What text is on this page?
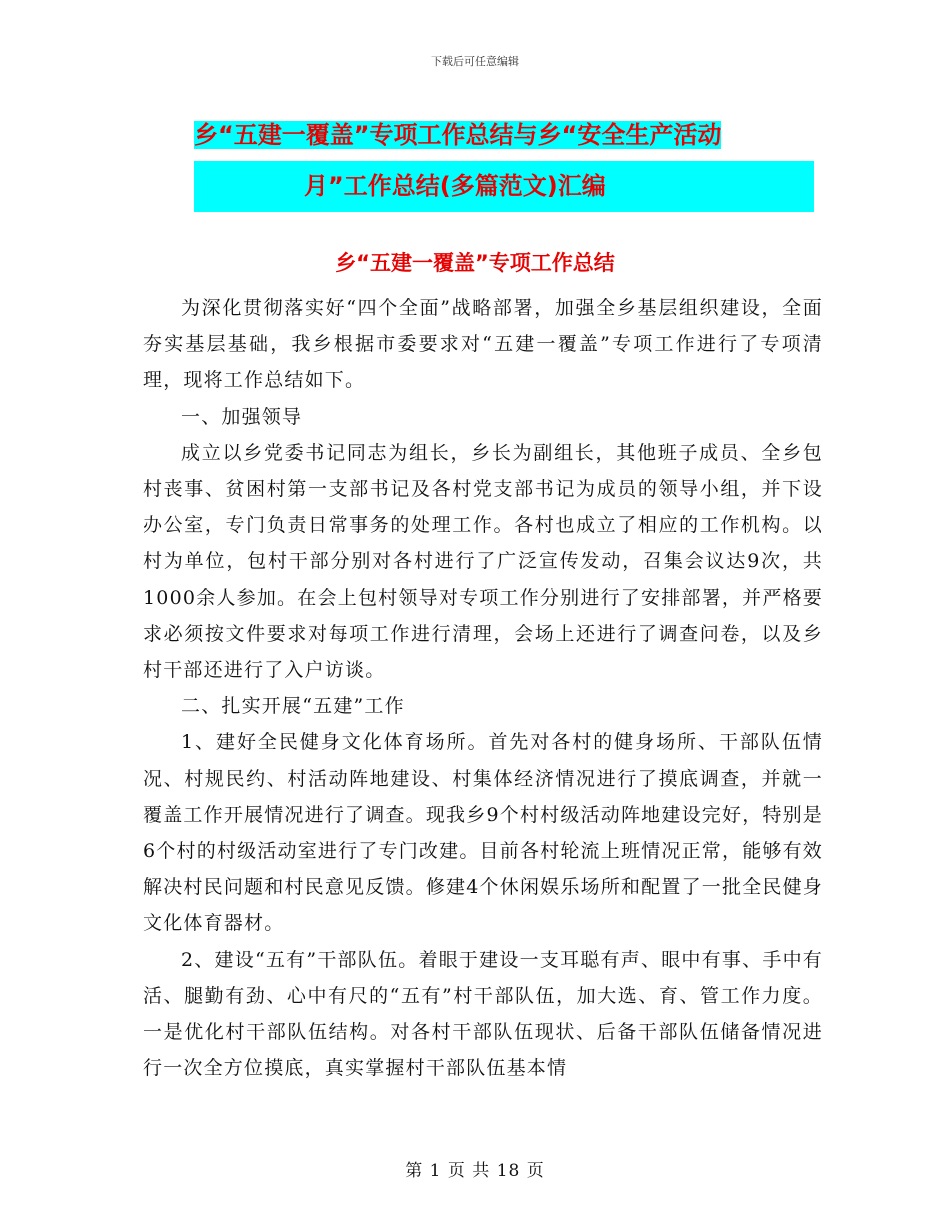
下载后可任意编辑
乡“五建一覆盖”专项工作总结与乡“安全生产活动
月”工作总结(多篇范文)汇编
乡“五建一覆盖”专项工作总结

为深化贯彻落实好“四个全面”战略部署，加强全乡基层组织建设，全面夯实基层基础，我乡根据市委要求对“五建一覆盖”专项工作进行了专项清理，现将工作总结如下。

一、加强领导

成立以乡党委书记同志为组长，乡长为副组长，其他班子成员、全乡包村丧事、贫困村第一支部书记及各村党支部书记为成员的领导小组，并下设办公室，专门负责日常事务的处理工作。各村也成立了相应的工作机构。以村为单位，包村干部分别对各村进行了广泛宣传发动，召集会议达9次，共1000余人参加。在会上包村领导对专项工作分别进行了安排部署，并严格要求必须按文件要求对每项工作进行清理，会场上还进行了调查问卷，以及乡村干部还进行了入户访谈。

二、扎实开展“五建”工作

1、建好全民健身文化体育场所。首先对各村的健身场所、干部队伍情况、村规民约、村活动阵地建设、村集体经济情况进行了摸底调查，并就一覆盖工作开展情况进行了调查。现我乡9个村村级活动阵地建设完好，特别是6个村的村级活动室进行了专门改建。目前各村轮流上班情况正常，能够有效解决村民问题和村民意见反馈。修建4个休闲娱乐场所和配置了一批全民健身文化体育器材。

2、建设“五有”干部队伍。着眼于建设一支耳聪有声、眼中有事、手中有活、腿勤有劲、心中有尺的“五有”村干部队伍，加大选、育、管工作力度。一是优化村干部队伍结构。对各村干部队伍现状、后备干部队伍储备情况进行一次全方位摸底，真实掌握村干部队伍基本情

第 1 页 共 18 页
